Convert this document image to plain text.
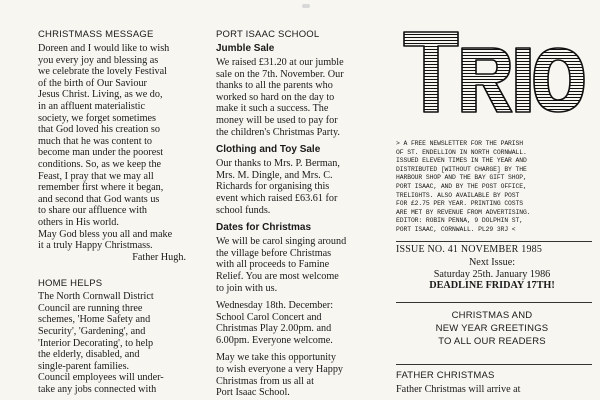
CHRISTMASS MESSAGE

Doreen and I would like to wish

you every joy and blessing as

we celebrate the lovely Festival

of the birth of Our Saviour

Jesus Christ. Living, as we do,

in an affluent materialistic

society, we forget sometimes

that God loved his creation so

much that he was content to

become man under the poorest

conditions. So, as we keep the

Feast, I pray that we may all

remember first where it began,

and second that God wants us

to share our affluence with

others in His world.

May God bless you all and make

it a truly Happy Christmass.

Father Hugh.

HOME HELPS

The North Cornwall District

Council are running three

schemes, 'Home Safety and

Security', 'Gardening', and

'Interior Decorating', to help

the elderly, disabled, and

single-parent families.

Council employees will under-

take any jobs connected with

PORT ISAAC SCHOOL

Jumble Sale

We raised £31.20 at our jumble

sale on the 7th. November. Our

thanks to all the parents who

worked so hard on the day to

make it such a success. The

money will be used to pay for

the children's Christmas Party.

Clothing and Toy Sale

Our thanks to Mrs. P. Berman,

Mrs. M. Dingle, and Mrs. C.

Richards for organising this

event which raised £63.61 for

school funds.

Dates for Christmas

We will be carol singing around

the village before Christmas

with all proceeds to Famine

Relief. You are most welcome

to join with us.

Wednesday 18th. December:

School Carol Concert and

Christmas Play 2.00pm. and

6.00pm. Everyone welcome.

May we take this opportunity

to wish everyone a very Happy

Christmas from us all at

Port Isaac School.

> A FREE NEWSLETTER FOR THE PARISH

OF ST. ENDELLION IN NORTH CORNWALL.

ISSUED ELEVEN TIMES IN THE YEAR AND

DISTRIBUTED [WITHOUT CHARGE] BY THE

HARBOUR SHOP AND THE BAY GIFT SHOP,

PORT ISAAC, AND BY THE POST OFFICE,

TRELIGHTS. ALSO AVAILABLE BY POST

FOR £2.75 PER YEAR. PRINTING COSTS

ARE MET BY REVENUE FROM ADVERTISING.

EDITOR: ROBIN PENNA, 9 DOLPHIN ST,

PORT ISAAC, CORNWALL. PL29 3RJ <

ISSUE NO. 41 NOVEMBER 1985

Next Issue:

Saturday 25th. January 1986

DEADLINE FRIDAY 17TH!

CHRISTMAS AND

NEW YEAR GREETINGS

TO ALL OUR READERS

FATHER CHRISTMAS

Father Christmas will arrive at
